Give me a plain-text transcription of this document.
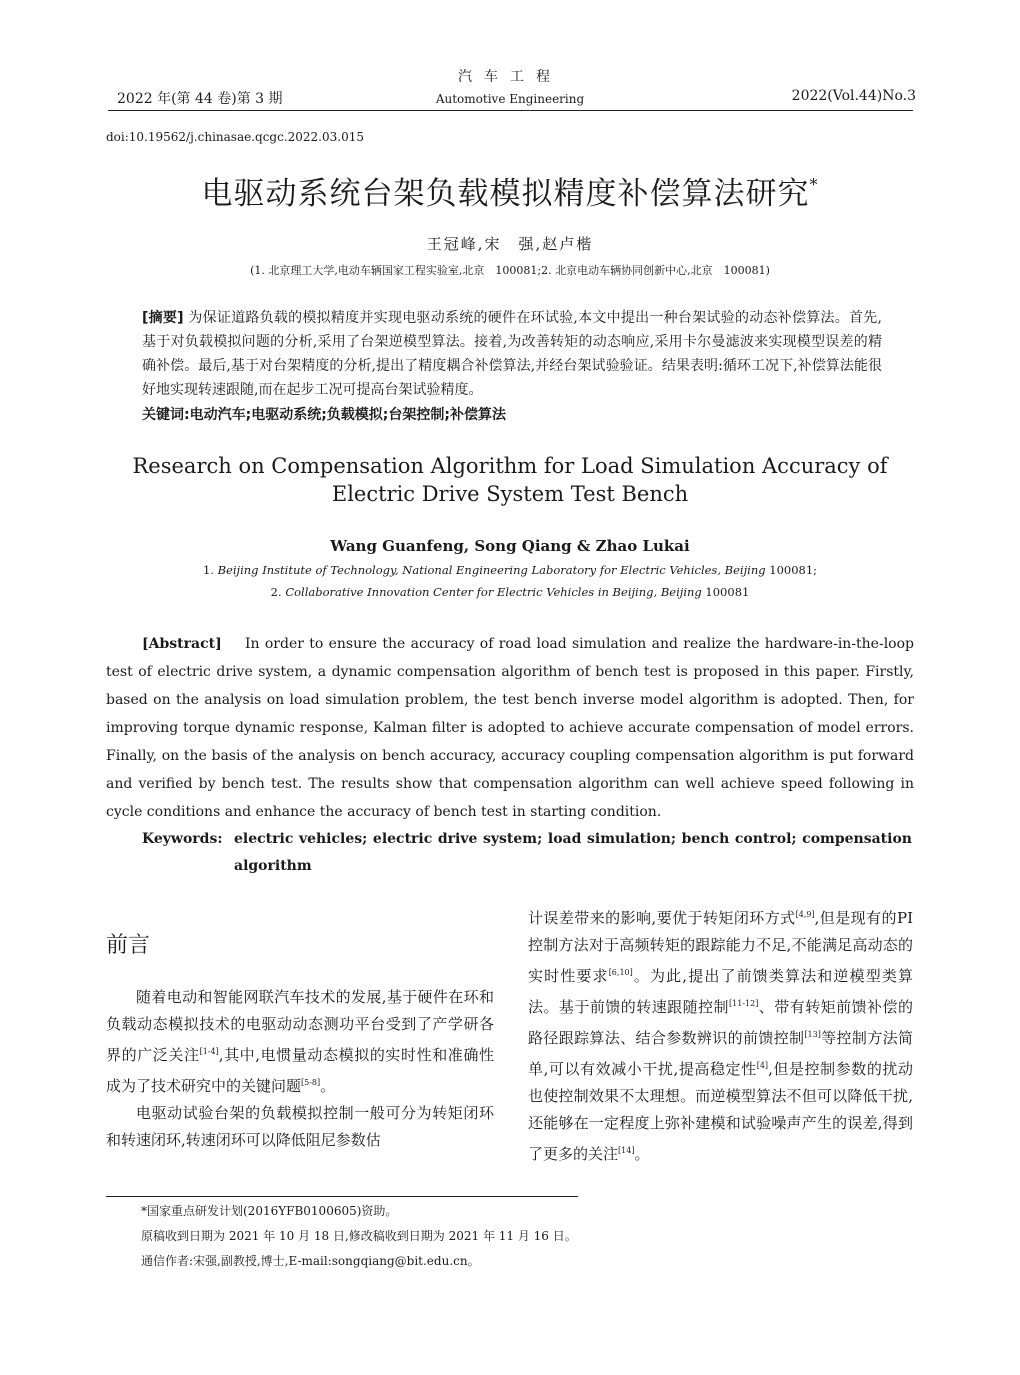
汽车工程
2022 年(第 44 卷)第 3 期	Automotive Engineering	2022(Vol.44)No.3
doi:10.19562/j.chinasae.qcgc.2022.03.015
电驱动系统台架负载模拟精度补偿算法研究*
王冠峰,宋　强,赵卢楷
(1. 北京理工大学,电动车辆国家工程实验室,北京　100081;2. 北京电动车辆协同创新中心,北京　100081)
[摘要] 为保证道路负载的模拟精度并实现电驱动系统的硬件在环试验,本文中提出一种台架试验的动态补偿算法。首先,基于对负载模拟问题的分析,采用了台架逆模型算法。接着,为改善转矩的动态响应,采用卡尔曼滤波来实现模型误差的精确补偿。最后,基于对台架精度的分析,提出了精度耦合补偿算法,并经台架试验验证。结果表明:循环工况下,补偿算法能很好地实现转速跟随,而在起步工况可提高台架试验精度。
关键词:电动汽车;电驱动系统;负载模拟;台架控制;补偿算法
Research on Compensation Algorithm for Load Simulation Accuracy of Electric Drive System Test Bench
Wang Guanfeng, Song Qiang & Zhao Lukai
1. Beijing Institute of Technology, National Engineering Laboratory for Electric Vehicles, Beijing 100081;
2. Collaborative Innovation Center for Electric Vehicles in Beijing, Beijing 100081
[Abstract] In order to ensure the accuracy of road load simulation and realize the hardware-in-the-loop test of electric drive system, a dynamic compensation algorithm of bench test is proposed in this paper. Firstly, based on the analysis on load simulation problem, the test bench inverse model algorithm is adopted. Then, for improving torque dynamic response, Kalman filter is adopted to achieve accurate compensation of model errors. Finally, on the basis of the analysis on bench accuracy, accuracy coupling compensation algorithm is put forward and verified by bench test. The results show that compensation algorithm can well achieve speed following in cycle conditions and enhance the accuracy of bench test in starting condition.
Keywords: electric vehicles; electric drive system; load simulation; bench control; compensation algorithm
前言

随着电动和智能网联汽车技术的发展,基于硬件在环和负载动态模拟技术的电驱动动态测功平台受到了产学研各界的广泛关注[1-4],其中,电惯量动态模拟的实时性和准确性成为了技术研究中的关键问题[5-8]。

电驱动试验台架的负载模拟控制一般可分为转矩闭环和转速闭环,转速闭环可以降低阻尼参数估

计误差带来的影响,要优于转矩闭环方式[4,9],但是现有的PI控制方法对于高频转矩的跟踪能力不足,不能满足高动态的实时性要求[6,10]。为此,提出了前馈类算法和逆模型类算法。基于前馈的转速跟随控制[11-12]、带有转矩前馈补偿的路径跟踪算法、结合参数辨识的前馈控制[13]等控制方法简单,可以有效减小干扰,提高稳定性[4],但是控制参数的扰动也使控制效果不太理想。而逆模型算法不但可以降低干扰,还能够在一定程度上弥补建模和试验噪声产生的误差,得到了更多的关注[14]。

*国家重点研发计划(2016YFB0100605)资助。
原稿收到日期为 2021 年 10 月 18 日,修改稿收到日期为 2021 年 11 月 16 日。
通信作者:宋强,副教授,博士,E-mail:songqiang@bit.edu.cn。
